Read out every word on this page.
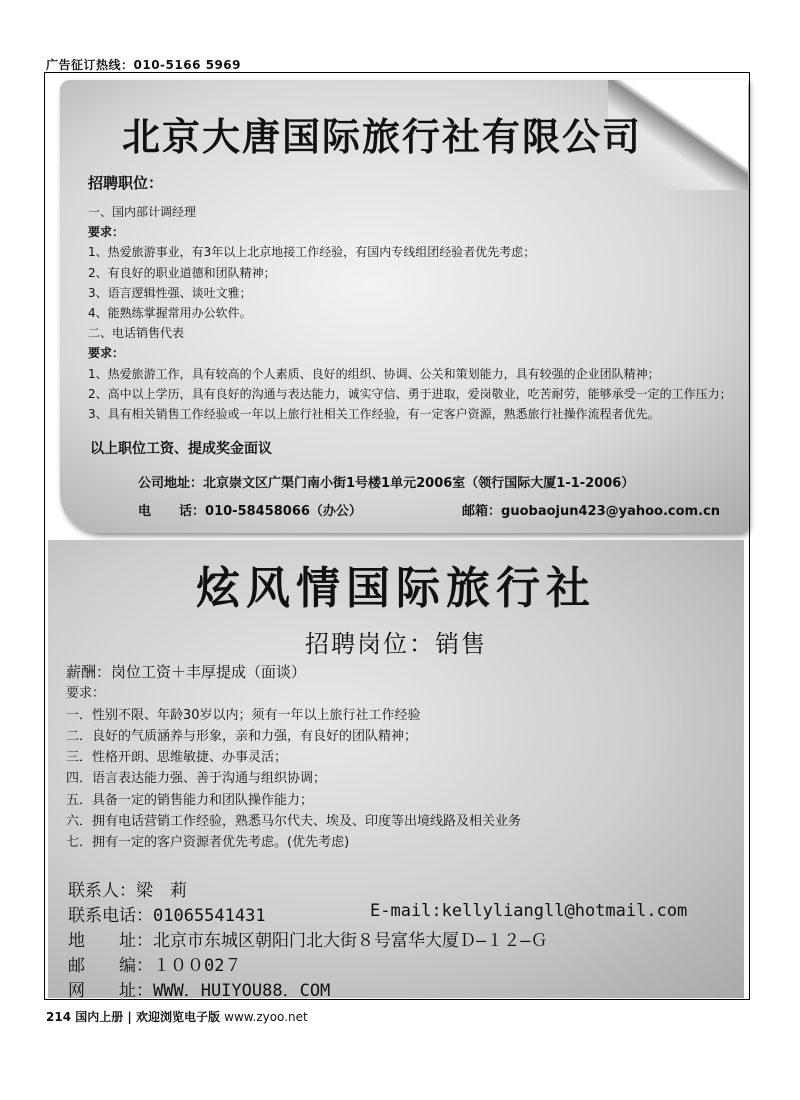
广告征订热线：010-5166 5969
北京大唐国际旅行社有限公司
招聘职位：
一、国内部计调经理
要求：
1、热爱旅游事业，有3年以上北京地接工作经验，有国内专线组团经验者优先考虑；
2、有良好的职业道德和团队精神；
3、语言逻辑性强、谈吐文雅；
4、能熟练掌握常用办公软件。
二、电话销售代表
要求：
1、热爱旅游工作，具有较高的个人素质、良好的组织、协调、公关和策划能力，具有较强的企业团队精神；
2、高中以上学历，具有良好的沟通与表达能力，诚实守信、勇于进取，爱岗敬业，吃苦耐劳，能够承受一定的工作压力；
3、具有相关销售工作经验或一年以上旅行社相关工作经验，有一定客户资源，熟悉旅行社操作流程者优先。
以上职位工资、提成奖金面议
公司地址：北京崇文区广渠门南小街1号楼1单元2006室（领行国际大厦1-1-2006）
电 话：010-58458066（办公）	邮箱：guobaojun423@yahoo.com.cn
炫风情国际旅行社
招聘岗位：销售
薪酬：岗位工资＋丰厚提成（面谈）
要求：
一．性别不限、年龄30岁以内；须有一年以上旅行社工作经验
二．良好的气质涵养与形象，亲和力强，有良好的团队精神；
三．性格开朗、思维敏捷、办事灵活；
四．语言表达能力强、善于沟通与组织协调；
五．具备一定的销售能力和团队操作能力；
六．拥有电话营销工作经验，熟悉马尔代夫、埃及、印度等出境线路及相关业务
七．拥有一定的客户资源者优先考虑。(优先考虑)
联系人：梁　莉
联系电话：01065541431	E-mail:kellyliangll@hotmail.com
地　　址：北京市东城区朝阳门北大街８号富华大厦Ｄ—１２—Ｇ
邮　　编：１００02７
网　　址：WWW．HUIYOU88．COM
214 国内上册 | 欢迎浏览电子版 www.zyoo.net
